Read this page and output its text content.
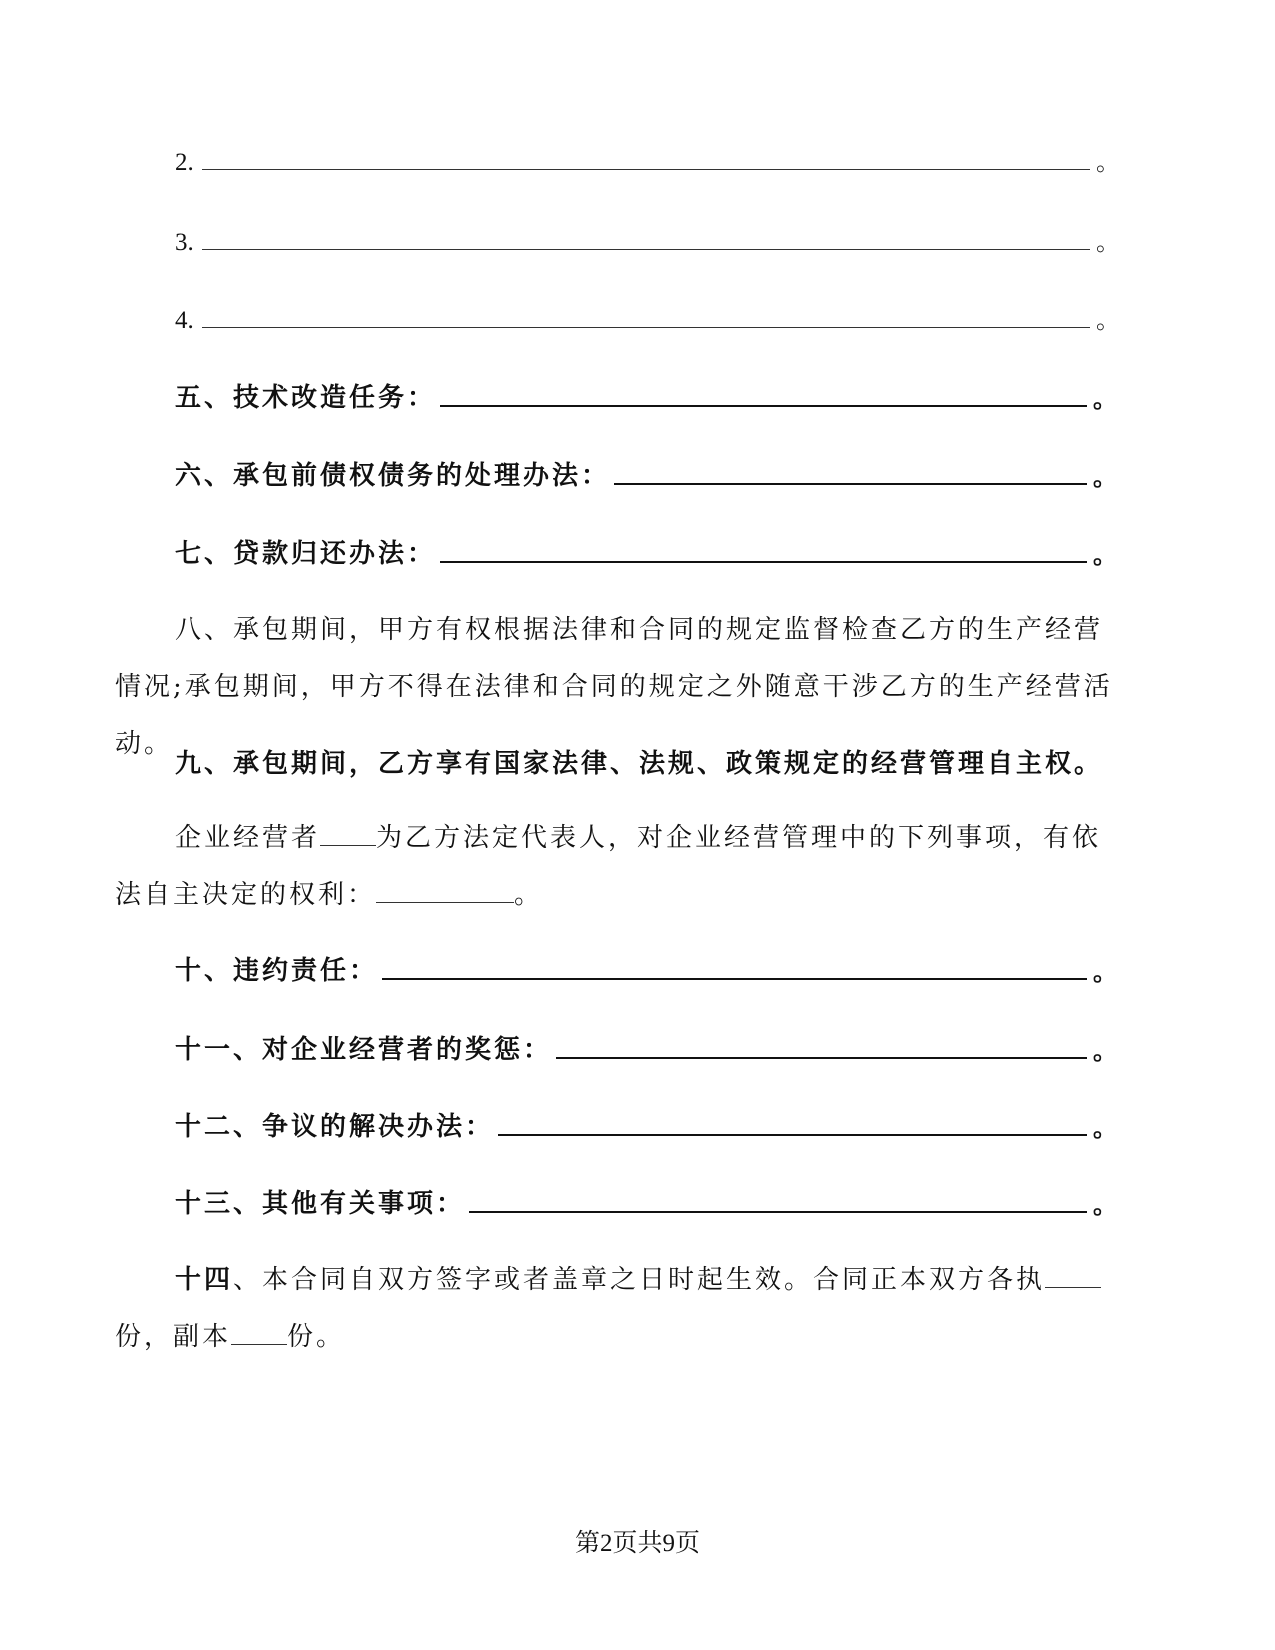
2.	。
3.	。
4.	。
五、技术改造任务：	。
六、承包前债权债务的处理办法：	。
七、贷款归还办法：	。
八、承包期间，甲方有权根据法律和合同的规定监督检查乙方的生产经营情况;承包期间，甲方不得在法律和合同的规定之外随意干涉乙方的生产经营活动。
九、承包期间，乙方享有国家法律、法规、政策规定的经营管理自主权。
企业经营者 为乙方法定代表人，对企业经营管理中的下列事项，有依法自主决定的权利：	。
十、违约责任：	。
十一、对企业经营者的奖惩：	。
十二、争议的解决办法：	。
十三、其他有关事项：	。
十四、本合同自双方签字或者盖章之日时起生效。合同正本双方各执份，副本 份。
第2页共9页
